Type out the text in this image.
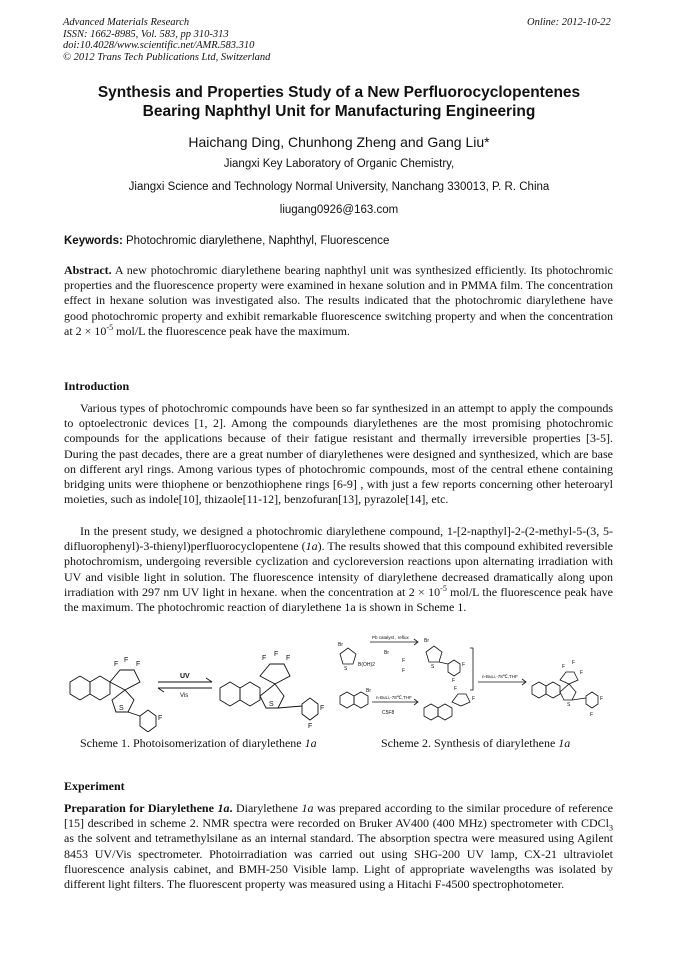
Advanced Materials Research
ISSN: 1662-8985, Vol. 583, pp 310-313
doi:10.4028/www.scientific.net/AMR.583.310
© 2012 Trans Tech Publications Ltd, Switzerland
Online: 2012-10-22
Synthesis and Properties Study of a New Perfluorocyclopentenes
Bearing Naphthyl Unit for Manufacturing Engineering
Haichang Ding, Chunhong Zheng and Gang Liu*
Jiangxi Key Laboratory of Organic Chemistry,
Jiangxi Science and Technology Normal University, Nanchang 330013, P. R. China
liugang0926@163.com
Keywords: Photochromic diarylethene, Naphthyl, Fluorescence

Abstract. A new photochromic diarylethene bearing naphthyl unit was synthesized efficiently. Its photochromic properties and the fluorescence property were examined in hexane solution and in PMMA film. The concentration effect in hexane solution was investigated also. The results indicated that the photochromic diarylethene have good photochromic property and exhibit remarkable fluorescence switching property and when the concentration at $2 \times 10^{-5}$ mol/L the fluorescence peak have the maximum.

Introduction

Various types of photochromic compounds have been so far synthesized in an attempt to apply the compounds to optoelectronic devices [1, 2]. Among the compounds diarylethenes are the most promising photochromic compounds for the applications because of their fatigue resistant and thermally irreversible properties [3-5]. During the past decades, there are a great number of diarylethenes were designed and synthesized, which are base on different aryl rings. Among various types of photochromic compounds, most of the central ethene containing bridging units were thiophene or benzothiophene rings [6-9] , with just a few reports concerning other heteroaryl moieties, such as indole[10], thizaole[11-12], benzofuran[13], pyrazole[14], etc.

In the present study, we designed a photochromic diarylethene compound, 1-[2-napthyl]-2-(2-methyl-5-(3, 5-difluorophenyl)-3-thienyl)perfluorocyclopentene (1a). The results showed that this compound exhibited reversible photochromism, undergoing reversible cyclization and cycloreversion reactions upon alternating irradiation with UV and visible light in solution. The fluorescence intensity of diarylethene decreased dramatically along upon irradiation with 297 nm UV light in hexane. when the concentration at $2 \times 10^{-5}$ mol/L the fluorescence peak have the maximum. The photochromic reaction of diarylethene 1a is shown in Scheme 1.

F
F
F
S
F
F
F
F
S
F
F
UV
Vis
Br
S
B(OH)2
Br
F
F
Br
S	F
F
Br
C5F8
F
F
F
F
F
S
F
F
Pb catalyst , reflux
n-BuLi,-78℃,THF
n-BuLi,-78℃,THF
Scheme 1. Photoisomerization of diarylethene 1a	Scheme 2. Synthesis of diarylethene 1a
Experiment

Preparation for Diarylethene 1a. Diarylethene 1a was prepared according to the similar procedure of reference [15] described in scheme 2. NMR spectra were recorded on Bruker AV400 (400 MHz) spectrometer with CDCl$_3$ as the solvent and tetramethylsilane as an internal standard. The absorption spectra were measured using Agilent 8453 UV/Vis spectrometer. Photoirradiation was carried out using SHG-200 UV lamp, CX-21 ultraviolet fluorescence analysis cabinet, and BMH-250 Visible lamp. Light of appropriate wavelengths was isolated by different light filters. The fluorescent property was measured using a Hitachi F-4500 spectrophotometer.
